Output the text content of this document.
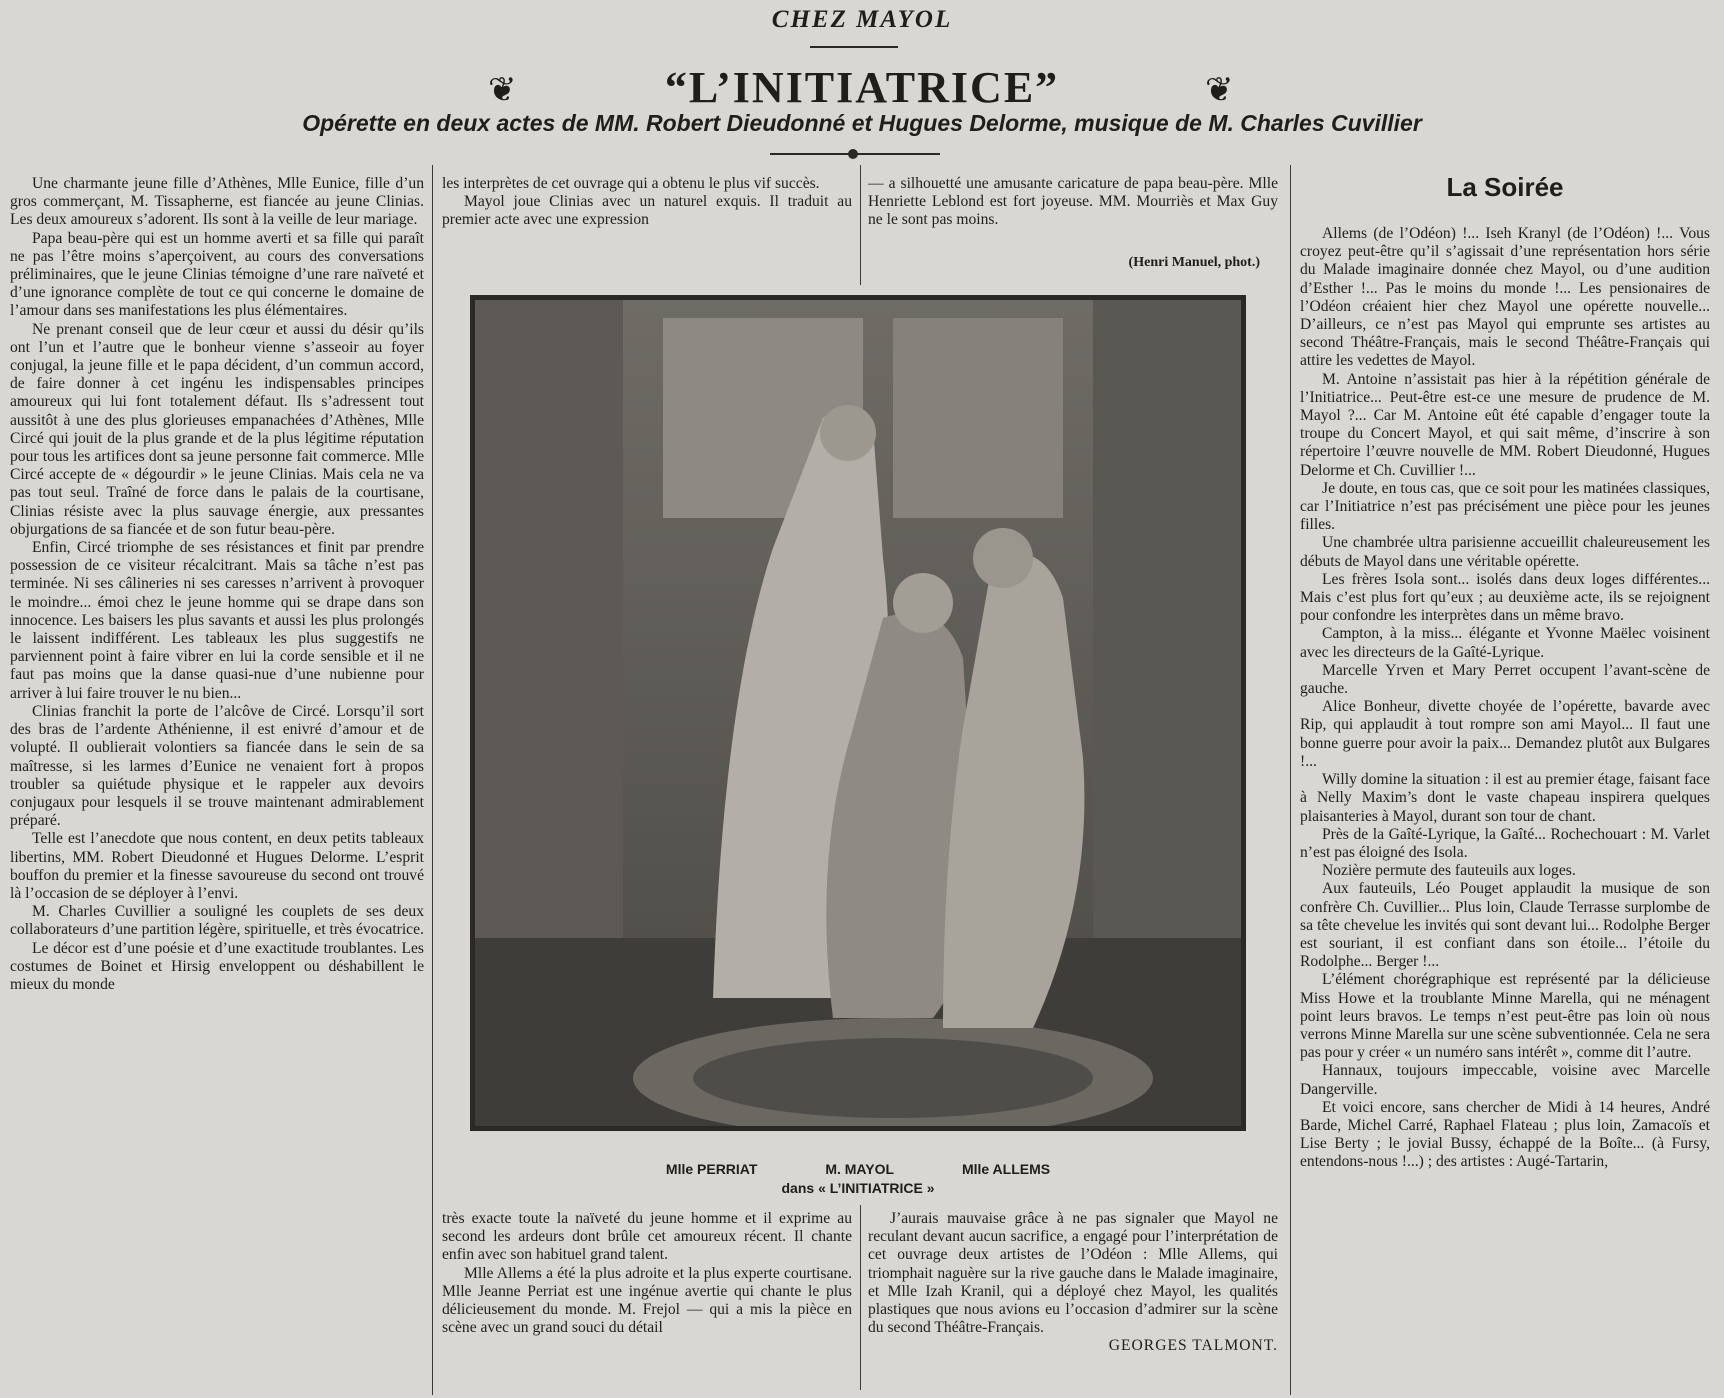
CHEZ MAYOL
❦	“L’INITIATRICE”	❦
Opérette en deux actes de MM. Robert Dieudonné et Hugues Delorme, musique de M. Charles Cuvillier

Une charmante jeune fille d’Athènes, Mlle Eunice, fille d’un gros commerçant, M. Tissapherne, est fiancée au jeune Clinias. Les deux amoureux s’adorent. Ils sont à la veille de leur mariage.

Papa beau-père qui est un homme averti et sa fille qui paraît ne pas l’être moins s’aperçoivent, au cours des conversations préliminaires, que le jeune Clinias témoigne d’une rare naïveté et d’une ignorance complète de tout ce qui concerne le domaine de l’amour dans ses manifestations les plus élémentaires.

Ne prenant conseil que de leur cœur et aussi du désir qu’ils ont l’un et l’autre que le bonheur vienne s’asseoir au foyer conjugal, la jeune fille et le papa décident, d’un commun accord, de faire donner à cet ingénu les indispensables principes amoureux qui lui font totalement défaut. Ils s’adressent tout aussitôt à une des plus glorieuses empanachées d’Athènes, Mlle Circé qui jouit de la plus grande et de la plus légitime réputation pour tous les artifices dont sa jeune personne fait commerce. Mlle Circé accepte de « dégourdir » le jeune Clinias. Mais cela ne va pas tout seul. Traîné de force dans le palais de la courtisane, Clinias résiste avec la plus sauvage énergie, aux pressantes objurgations de sa fiancée et de son futur beau-père.

Enfin, Circé triomphe de ses résistances et finit par prendre possession de ce visiteur récalcitrant. Mais sa tâche n’est pas terminée. Ni ses câlineries ni ses caresses n’arrivent à provoquer le moindre... émoi chez le jeune homme qui se drape dans son innocence. Les baisers les plus savants et aussi les plus prolongés le laissent indifférent. Les tableaux les plus suggestifs ne parviennent point à faire vibrer en lui la corde sensible et il ne faut pas moins que la danse quasi-nue d’une nubienne pour arriver à lui faire trouver le nu bien...

Clinias franchit la porte de l’alcôve de Circé. Lorsqu’il sort des bras de l’ardente Athénienne, il est enivré d’amour et de volupté. Il oublierait volontiers sa fiancée dans le sein de sa maîtresse, si les larmes d’Eunice ne venaient fort à propos troubler sa quiétude physique et le rappeler aux devoirs conjugaux pour lesquels il se trouve maintenant admirablement préparé.

Telle est l’anecdote que nous content, en deux petits tableaux libertins, MM. Robert Dieudonné et Hugues Delorme. L’esprit bouffon du premier et la finesse savoureuse du second ont trouvé là l’occasion de se déployer à l’envi.

M. Charles Cuvillier a souligné les couplets de ses deux collaborateurs d’une partition légère, spirituelle, et très évocatrice.

Le décor est d’une poésie et d’une exactitude troublantes. Les costumes de Boinet et Hirsig enveloppent ou déshabillent le mieux du monde

les interprètes de cet ouvrage qui a obtenu le plus vif succès.

Mayol joue Clinias avec un naturel exquis. Il traduit au premier acte avec une expression

— a silhouetté une amusante caricature de papa beau-père. Mlle Henriette Leblond est fort joyeuse. MM. Mourriès et Max Guy ne le sont pas moins.

(Henri Manuel, phot.)
Mlle PERRIAT	M. MAYOL	Mlle ALLEMS
dans « L’INITIATRICE »

très exacte toute la naïveté du jeune homme et il exprime au second les ardeurs dont brûle cet amoureux récent. Il chante enfin avec son habituel grand talent.

Mlle Allems a été la plus adroite et la plus experte courtisane. Mlle Jeanne Perriat est une ingénue avertie qui chante le plus délicieusement du monde. M. Frejol — qui a mis la pièce en scène avec un grand souci du détail

J’aurais mauvaise grâce à ne pas signaler que Mayol ne reculant devant aucun sacrifice, a engagé pour l’interprétation de cet ouvrage deux artistes de l’Odéon : Mlle Allems, qui triomphait naguère sur la rive gauche dans le Malade imaginaire, et Mlle Izah Kranil, qui a déployé chez Mayol, les qualités plastiques que nous avions eu l’occasion d’admirer sur la scène du second Théâtre-Français.

GEORGES TALMONT.

La Soirée

Allems (de l’Odéon) !... Iseh Kranyl (de l’Odéon) !... Vous croyez peut-être qu’il s’agissait d’une représentation hors série du Malade imaginaire donnée chez Mayol, ou d’une audition d’Esther !... Pas le moins du monde !... Les pensionaires de l’Odéon créaient hier chez Mayol une opérette nouvelle... D’ailleurs, ce n’est pas Mayol qui emprunte ses artistes au second Théâtre-Français, mais le second Théâtre-Français qui attire les vedettes de Mayol.

M. Antoine n’assistait pas hier à la répétition générale de l’Initiatrice... Peut-être est-ce une mesure de prudence de M. Mayol ?... Car M. Antoine eût été capable d’engager toute la troupe du Concert Mayol, et qui sait même, d’inscrire à son répertoire l’œuvre nouvelle de MM. Robert Dieudonné, Hugues Delorme et Ch. Cuvillier !...

Je doute, en tous cas, que ce soit pour les matinées classiques, car l’Initiatrice n’est pas précisément une pièce pour les jeunes filles.

Une chambrée ultra parisienne accueillit chaleureusement les débuts de Mayol dans une véritable opérette.

Les frères Isola sont... isolés dans deux loges différentes... Mais c’est plus fort qu’eux ; au deuxième acte, ils se rejoignent pour confondre les interprètes dans un même bravo.

Campton, à la miss... élégante et Yvonne Maëlec voisinent avec les directeurs de la Gaîté-Lyrique.

Marcelle Yrven et Mary Perret occupent l’avant-scène de gauche.

Alice Bonheur, divette choyée de l’opérette, bavarde avec Rip, qui applaudit à tout rompre son ami Mayol... Il faut une bonne guerre pour avoir la paix... Demandez plutôt aux Bulgares !...

Willy domine la situation : il est au premier étage, faisant face à Nelly Maxim’s dont le vaste chapeau inspirera quelques plaisanteries à Mayol, durant son tour de chant.

Près de la Gaîté-Lyrique, la Gaîté... Rochechouart : M. Varlet n’est pas éloigné des Isola.

Nozière permute des fauteuils aux loges.

Aux fauteuils, Léo Pouget applaudit la musique de son confrère Ch. Cuvillier... Plus loin, Claude Terrasse surplombe de sa tête chevelue les invités qui sont devant lui... Rodolphe Berger est souriant, il est confiant dans son étoile... l’étoile du Rodolphe... Berger !...

L’élément chorégraphique est représenté par la délicieuse Miss Howe et la troublante Minne Marella, qui ne ménagent point leurs bravos. Le temps n’est peut-être pas loin où nous verrons Minne Marella sur une scène subventionnée. Cela ne sera pas pour y créer « un numéro sans intérêt », comme dit l’autre.

Hannaux, toujours impeccable, voisine avec Marcelle Dangerville.

Et voici encore, sans chercher de Midi à 14 heures, André Barde, Michel Carré, Raphael Flateau ; plus loin, Zamacoïs et Lise Berty ; le jovial Bussy, échappé de la Boîte... (à Fursy, entendons-nous !...) ; des artistes : Augé-Tartarin,
